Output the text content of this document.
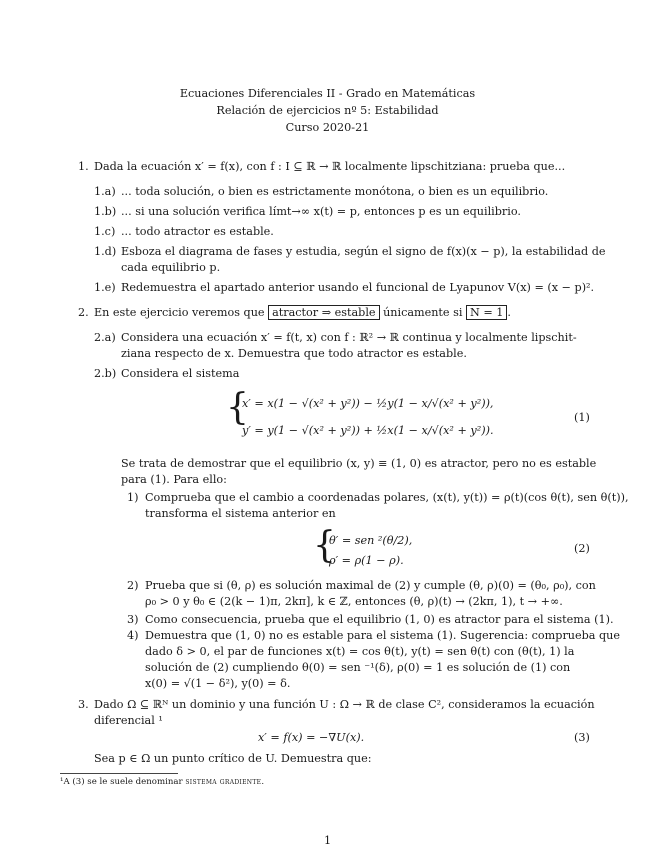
Ecuaciones Diferenciales II - Grado en Matemáticas
Relación de ejercicios nº 5: Estabilidad
Curso 2020-21
1. Dada la ecuación x′ = f(x), con f : I ⊆ ℝ → ℝ localmente lipschitziana: prueba que...
1.a) ... toda solución, o bien es estrictamente monótona, o bien es un equilibrio.
1.b) ... si una solución verifica límt→∞ x(t) = p, entonces p es un equilibrio.
1.c) ... todo atractor es estable.
1.d) Esboza el diagrama de fases y estudia, según el signo de f(x)(x − p), la estabilidad de
cada equilibrio p.
1.e) Redemuestra el apartado anterior usando el funcional de Lyapunov V(x) = (x − p)².
2. En este ejercicio veremos que atractor ⇒ estable únicamente si N = 1 .
2.a) Considera una ecuación x′ = f(t, x) con f : ℝ² → ℝ continua y localmente lipschit-
ziana respecto de x. Demuestra que todo atractor es estable.
2.b) Considera el sistema
{
x′ = x(1 − √(x² + y²)) − ½y(1 − x/√(x² + y²)),
y′ = y(1 − √(x² + y²)) + ½x(1 − x/√(x² + y²)).
(1)
Se trata de demostrar que el equilibrio (x, y) ≡ (1, 0) es atractor, pero no es estable
para (1). Para ello:
1) Comprueba que el cambio a coordenadas polares, (x(t), y(t)) = ρ(t)(cos θ(t), sen θ(t)),
transforma el sistema anterior en
{
θ′ = sen ²(θ/2),
ρ′ = ρ(1 − ρ).
(2)
2) Prueba que si (θ, ρ) es solución maximal de (2) y cumple (θ, ρ)(0) = (θ₀, ρ₀), con
ρ₀ > 0 y θ₀ ∈ (2(k − 1)π, 2kπ], k ∈ ℤ, entonces (θ, ρ)(t) → (2kπ, 1), t → +∞.
3) Como consecuencia, prueba que el equilibrio (1, 0) es atractor para el sistema (1).
4) Demuestra que (1, 0) no es estable para el sistema (1). Sugerencia: comprueba que
dado δ > 0, el par de funciones x(t) = cos θ(t), y(t) = sen θ(t) con (θ(t), 1) la
solución de (2) cumpliendo θ(0) = sen ⁻¹(δ), ρ(0) = 1 es solución de (1) con
x(0) = √(1 − δ²), y(0) = δ.
3. Dado Ω ⊆ ℝᴺ un dominio y una función U : Ω → ℝ de clase C², consideramos la ecuación
diferencial ¹
x′ = f(x) = −∇U(x).	(3)
Sea p ∈ Ω un punto crítico de U. Demuestra que:
¹A (3) se le suele denominar sistema gradiente.
1
